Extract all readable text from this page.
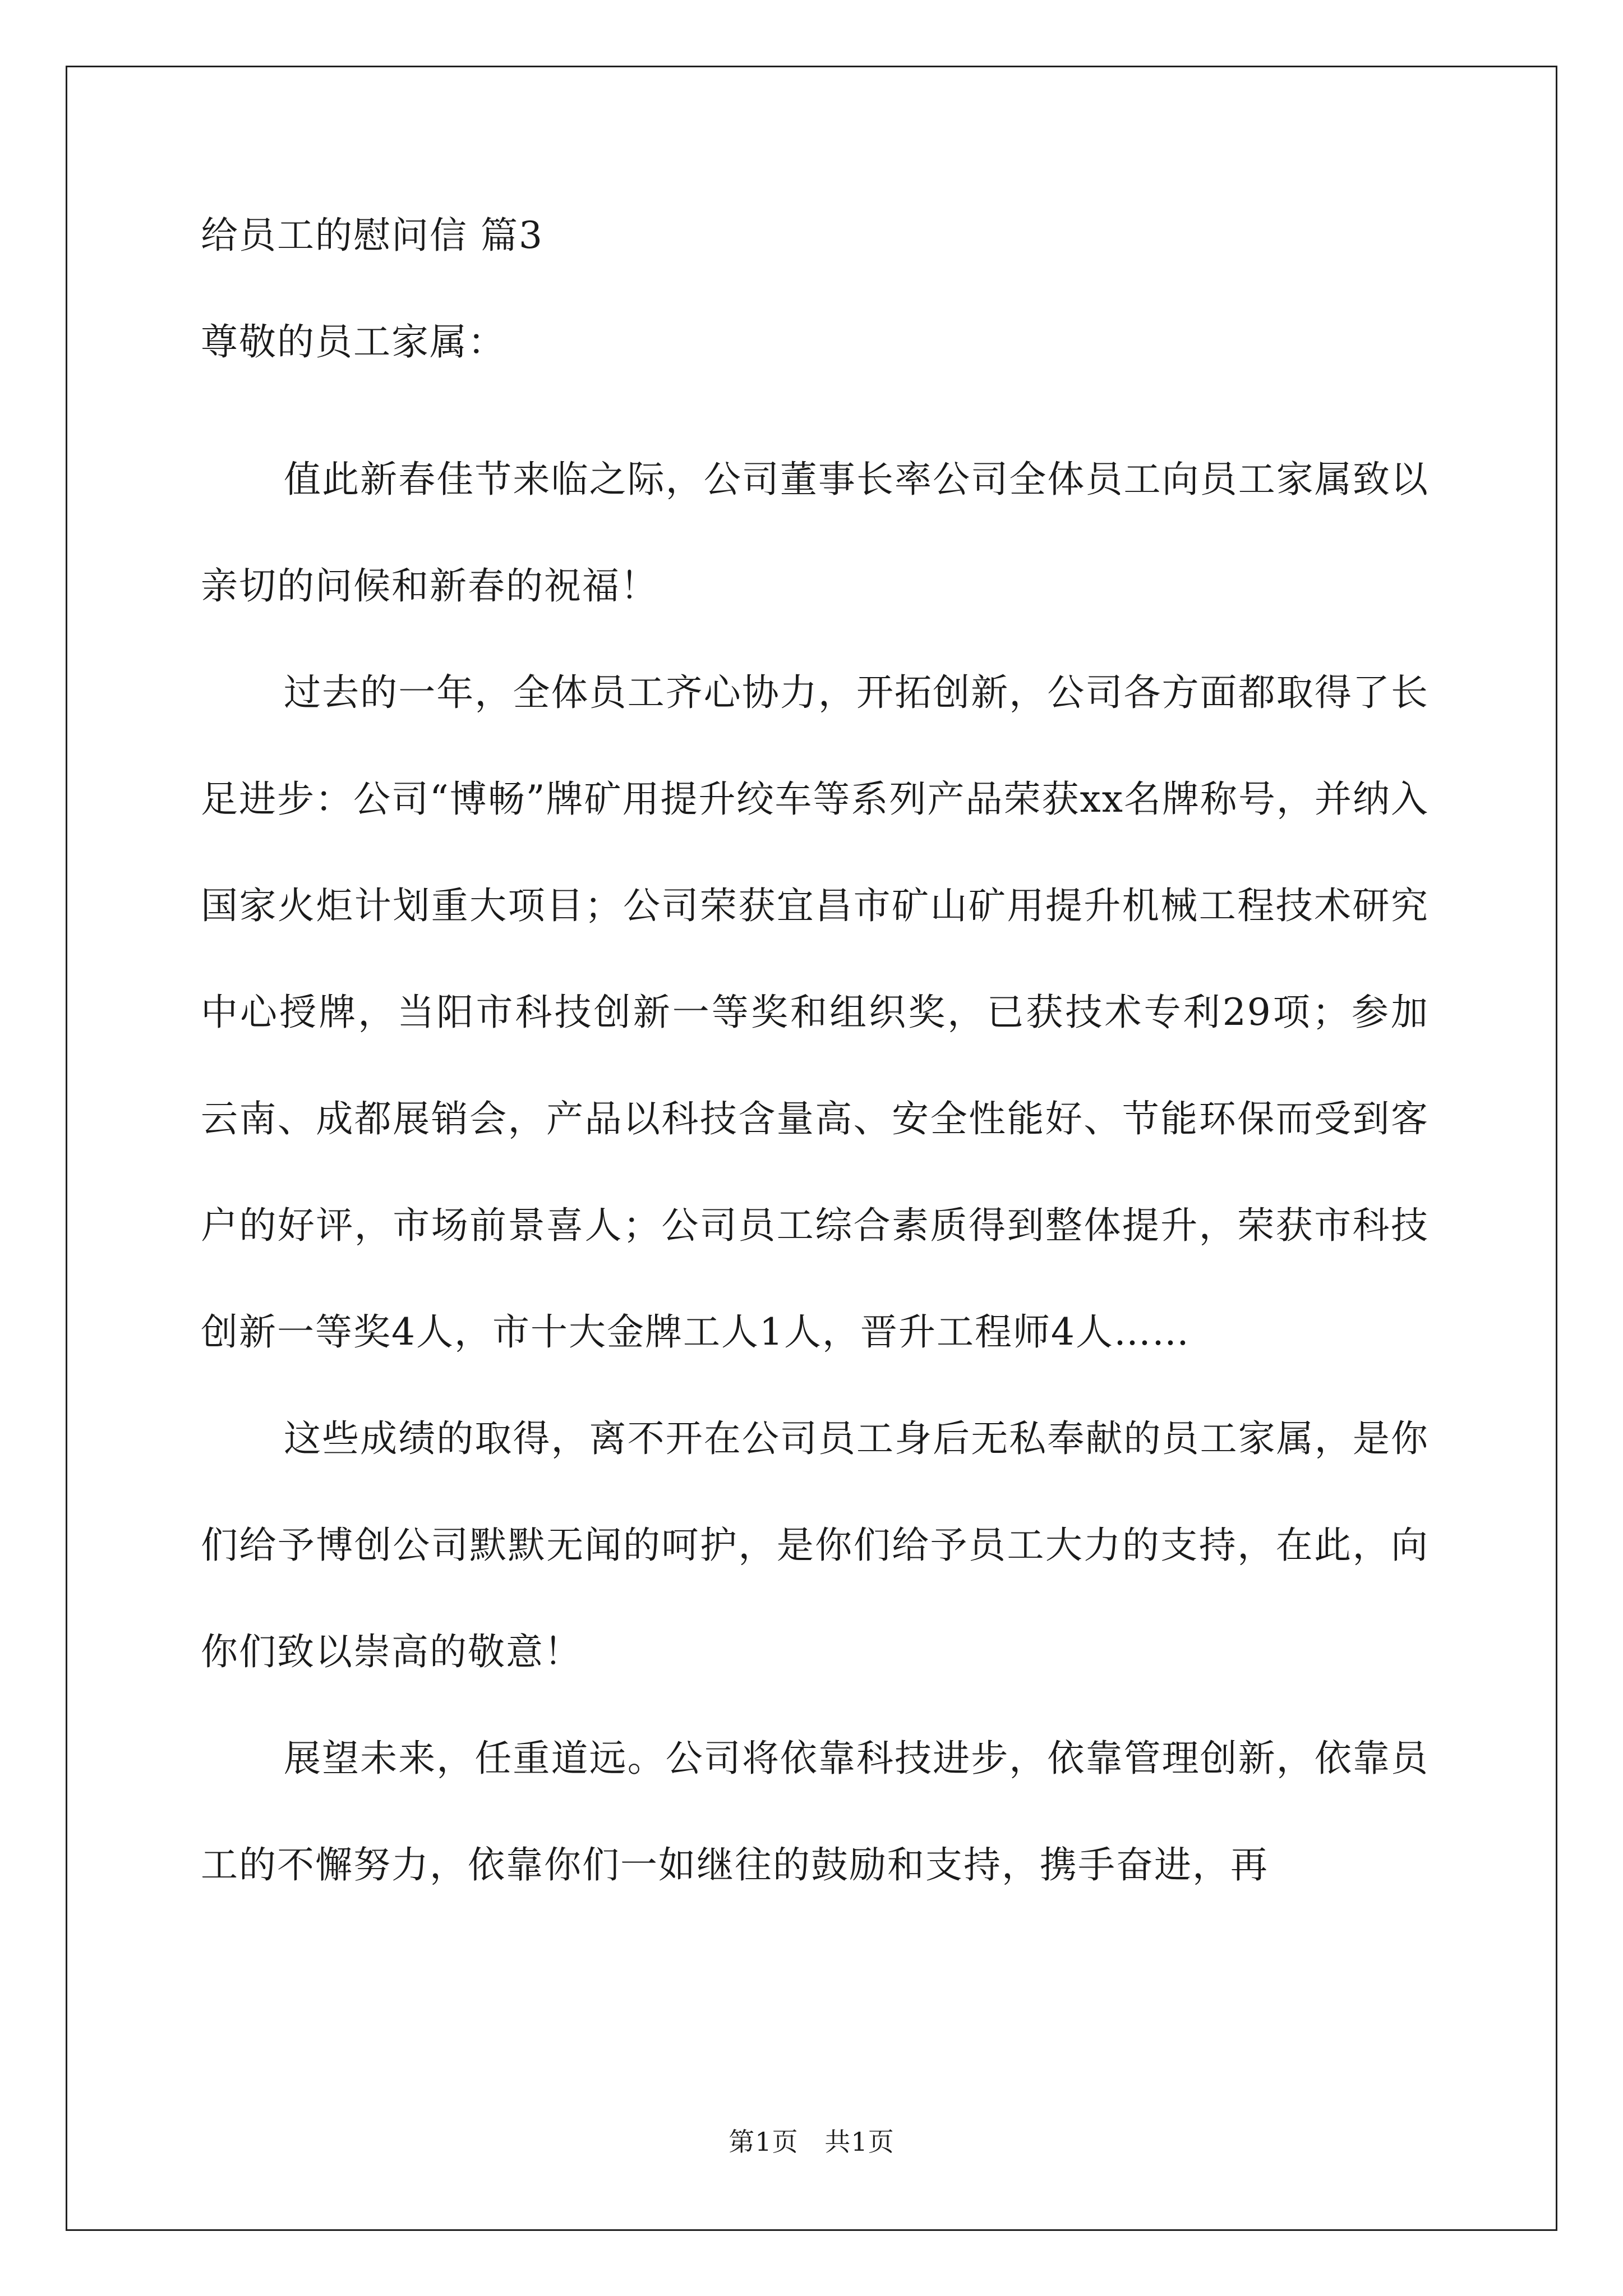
给员工的慰问信 篇3
尊敬的员工家属：

值此新春佳节来临之际，公司董事长率公司全体员工向员工家属致以亲切的问候和新春的祝福！

过去的一年，全体员工齐心协力，开拓创新，公司各方面都取得了长足进步：公司“博畅”牌矿用提升绞车等系列产品荣获xx名牌称号，并纳入国家火炬计划重大项目；公司荣获宜昌市矿山矿用提升机械工程技术研究中心授牌，当阳市科技创新一等奖和组织奖，已获技术专利29项；参加云南、成都展销会，产品以科技含量高、安全性能好、节能环保而受到客户的好评，市场前景喜人；公司员工综合素质得到整体提升，荣获市科技创新一等奖4人，市十大金牌工人1人，晋升工程师4人……

这些成绩的取得，离不开在公司员工身后无私奉献的员工家属，是你们给予博创公司默默无闻的呵护，是你们给予员工大力的支持，在此，向你们致以崇高的敬意！

展望未来，任重道远。公司将依靠科技进步，依靠管理创新，依靠员工的不懈努力，依靠你们一如继往的鼓励和支持，携手奋进，再

第1页   共1页
